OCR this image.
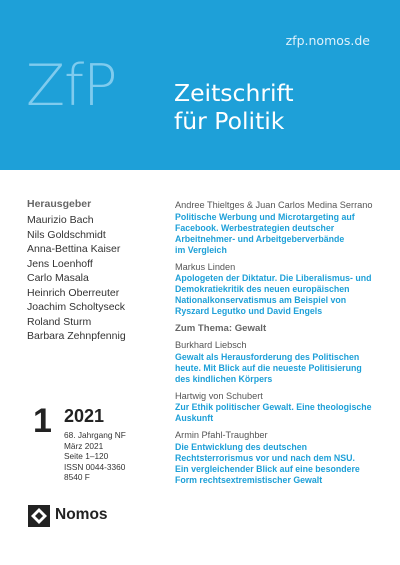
zfp.nomos.de
ZfP Zeitschrift
für Politik
Herausgeber
Maurizio Bach
Nils Goldschmidt
Anna-Bettina Kaiser
Jens Loenhoff
Carlo Masala
Heinrich Oberreuter
Joachim Scholtyseck
Roland Sturm
Barbara Zehnpfennig
1 2021
68. Jahrgang NF
März 2021
Seite 1–120
ISSN 0044-3360
8540 F
Nomos
Andree Thieltges & Juan Carlos Medina Serrano
Politische Werbung und Microtargeting auf
Facebook. Werbestrategien deutscher
Arbeitnehmer- und Arbeitgeberverbände
im Vergleich
Markus Linden
Apologeten der Diktatur. Die Liberalismus- und
Demokratiekritik des neuen europäischen
Nationalkonservatismus am Beispiel von
Ryszard Legutko und David Engels
Zum Thema: Gewalt
Burkhard Liebsch
Gewalt als Herausforderung des Politischen
heute. Mit Blick auf die neueste Politisierung
des kindlichen Körpers
Hartwig von Schubert
Zur Ethik politischer Gewalt. Eine theologische
Auskunft
Armin Pfahl-Traughber
Die Entwicklung des deutschen
Rechtsterrorismus vor und nach dem NSU.
Ein vergleichender Blick auf eine besondere
Form rechtsextremistischer Gewalt
